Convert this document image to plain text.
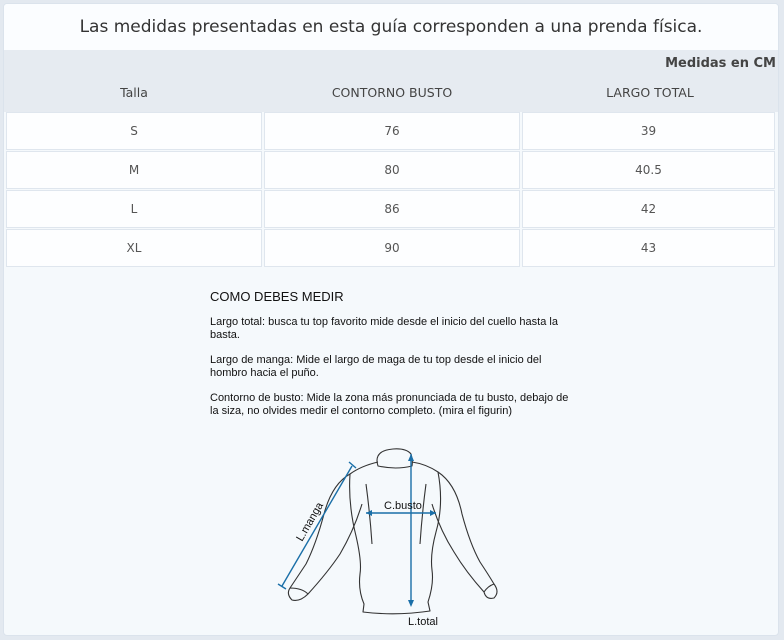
Las medidas presentadas en esta guía corresponden a una prenda física.
Medidas en CM
Talla	CONTORNO BUSTO	LARGO TOTAL
S	76	39
M	80	40.5
L	86	42
XL	90	43
COMO DEBES MEDIR

Largo total: busca tu top favorito mide desde el inicio del cuello hasta la basta.

Largo de manga: Mide el largo de maga de tu top desde el inicio del hombro hacia el puño.

Contorno de busto: Mide la zona más pronunciada de tu busto, debajo de la siza, no olvides medir el contorno completo. (mira el figurin)

C.busto
L.total
L.manga
